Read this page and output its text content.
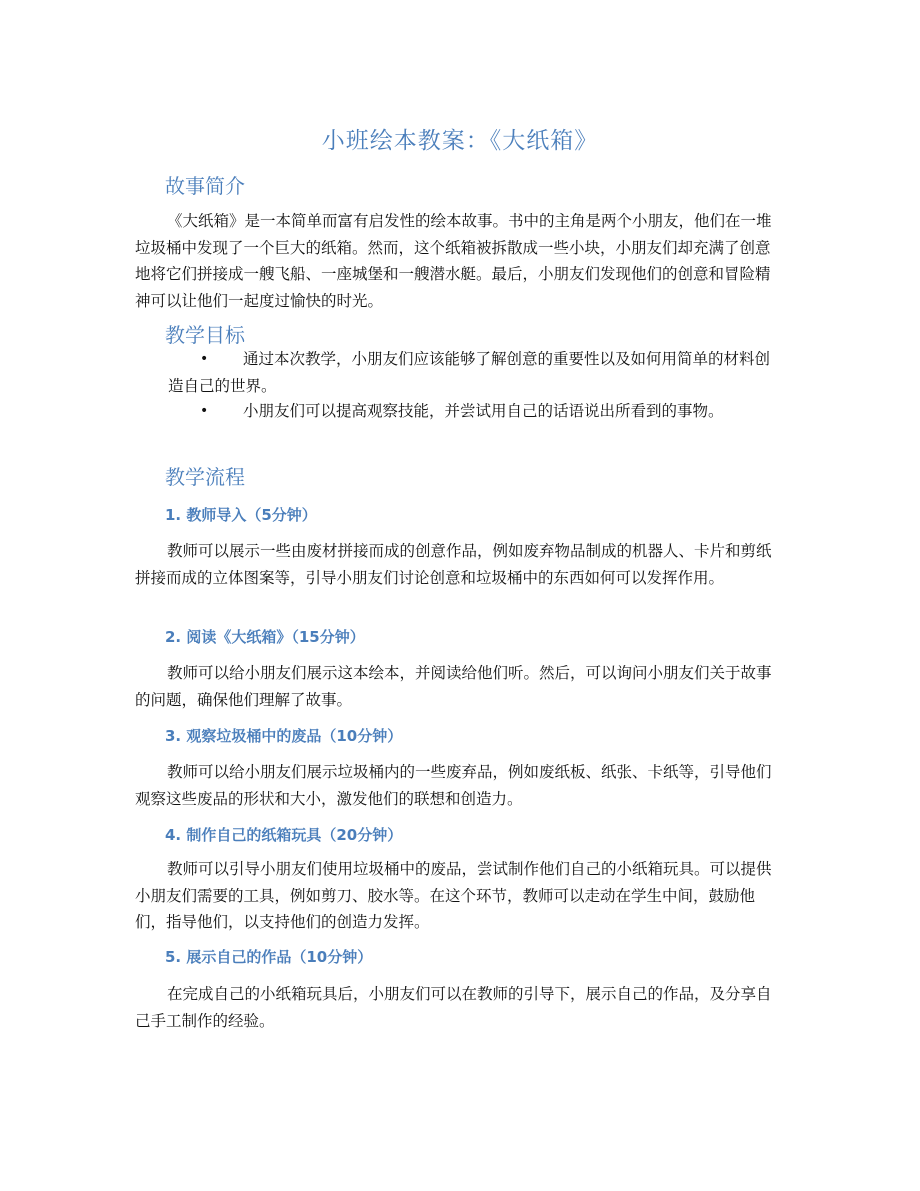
小班绘本教案：《大纸箱》
故事简介
《大纸箱》是一本简单而富有启发性的绘本故事。书中的主角是两个小朋友，他们在一堆垃圾桶中发现了一个巨大的纸箱。然而，这个纸箱被拆散成一些小块，小朋友们却充满了创意地将它们拼接成一艘飞船、一座城堡和一艘潜水艇。最后，小朋友们发现他们的创意和冒险精神可以让他们一起度过愉快的时光。
教学目标
•	通过本次教学，小朋友们应该能够了解创意的重要性以及如何用简单的材料创造自己的世界。
•	小朋友们可以提高观察技能，并尝试用自己的话语说出所看到的事物。
教学流程
1. 教师导入（5分钟）
教师可以展示一些由废材拼接而成的创意作品，例如废弃物品制成的机器人、卡片和剪纸拼接而成的立体图案等，引导小朋友们讨论创意和垃圾桶中的东西如何可以发挥作用。
2. 阅读《大纸箱》（15分钟）
教师可以给小朋友们展示这本绘本，并阅读给他们听。然后，可以询问小朋友们关于故事的问题，确保他们理解了故事。
3. 观察垃圾桶中的废品（10分钟）
教师可以给小朋友们展示垃圾桶内的一些废弃品，例如废纸板、纸张、卡纸等，引导他们观察这些废品的形状和大小，激发他们的联想和创造力。
4. 制作自己的纸箱玩具（20分钟）
教师可以引导小朋友们使用垃圾桶中的废品，尝试制作他们自己的小纸箱玩具。可以提供小朋友们需要的工具，例如剪刀、胶水等。在这个环节，教师可以走动在学生中间，鼓励他们，指导他们，以支持他们的创造力发挥。
5. 展示自己的作品（10分钟）
在完成自己的小纸箱玩具后，小朋友们可以在教师的引导下，展示自己的作品，及分享自己手工制作的经验。
